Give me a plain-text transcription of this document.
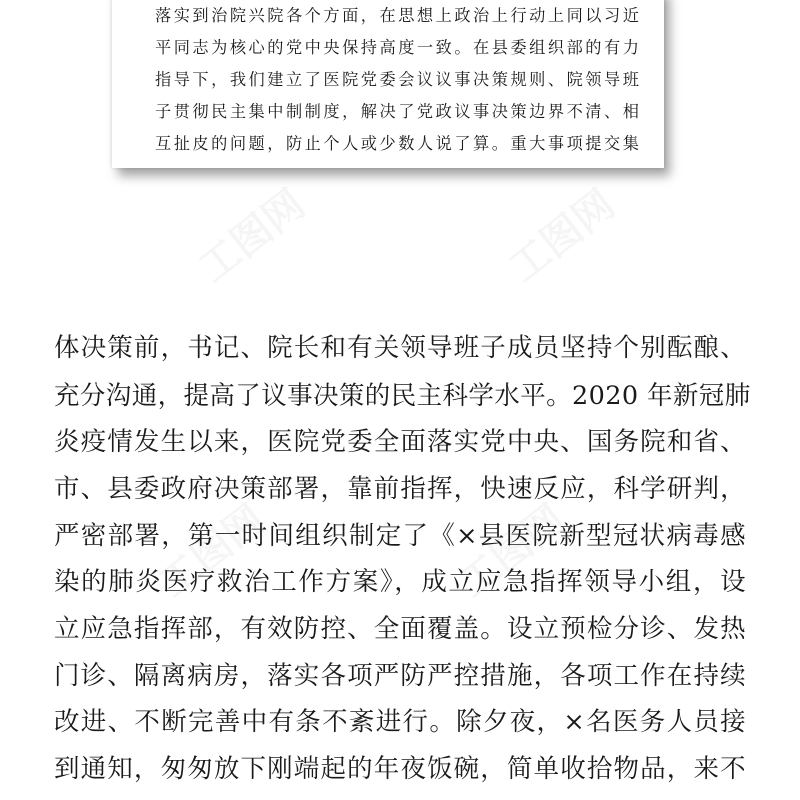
工图网	工图网
工图网	工图网
落实到治院兴院各个方面，在思想上政治上行动上同以习近
平同志为核心的党中央保持高度一致。在县委组织部的有力
指导下，我们建立了医院党委会议议事决策规则、院领导班
子贯彻民主集中制制度，解决了党政议事决策边界不清、相
互扯皮的问题，防止个人或少数人说了算。重大事项提交集
体决策前，书记、院长和有关领导班子成员坚持个别酝酿、
充分沟通，提高了议事决策的民主科学水平。2020 年新冠肺
炎疫情发生以来，医院党委全面落实党中央、国务院和省、
市、县委政府决策部署，靠前指挥，快速反应，科学研判，
严密部署，第一时间组织制定了《×县医院新型冠状病毒感
染的肺炎医疗救治工作方案》，成立应急指挥领导小组，设
立应急指挥部，有效防控、全面覆盖。设立预检分诊、发热
门诊、隔离病房，落实各项严防严控措施，各项工作在持续
改进、不断完善中有条不紊进行。除夕夜，×名医务人员接
到通知，匆匆放下刚端起的年夜饭碗，简单收拾物品，来不
